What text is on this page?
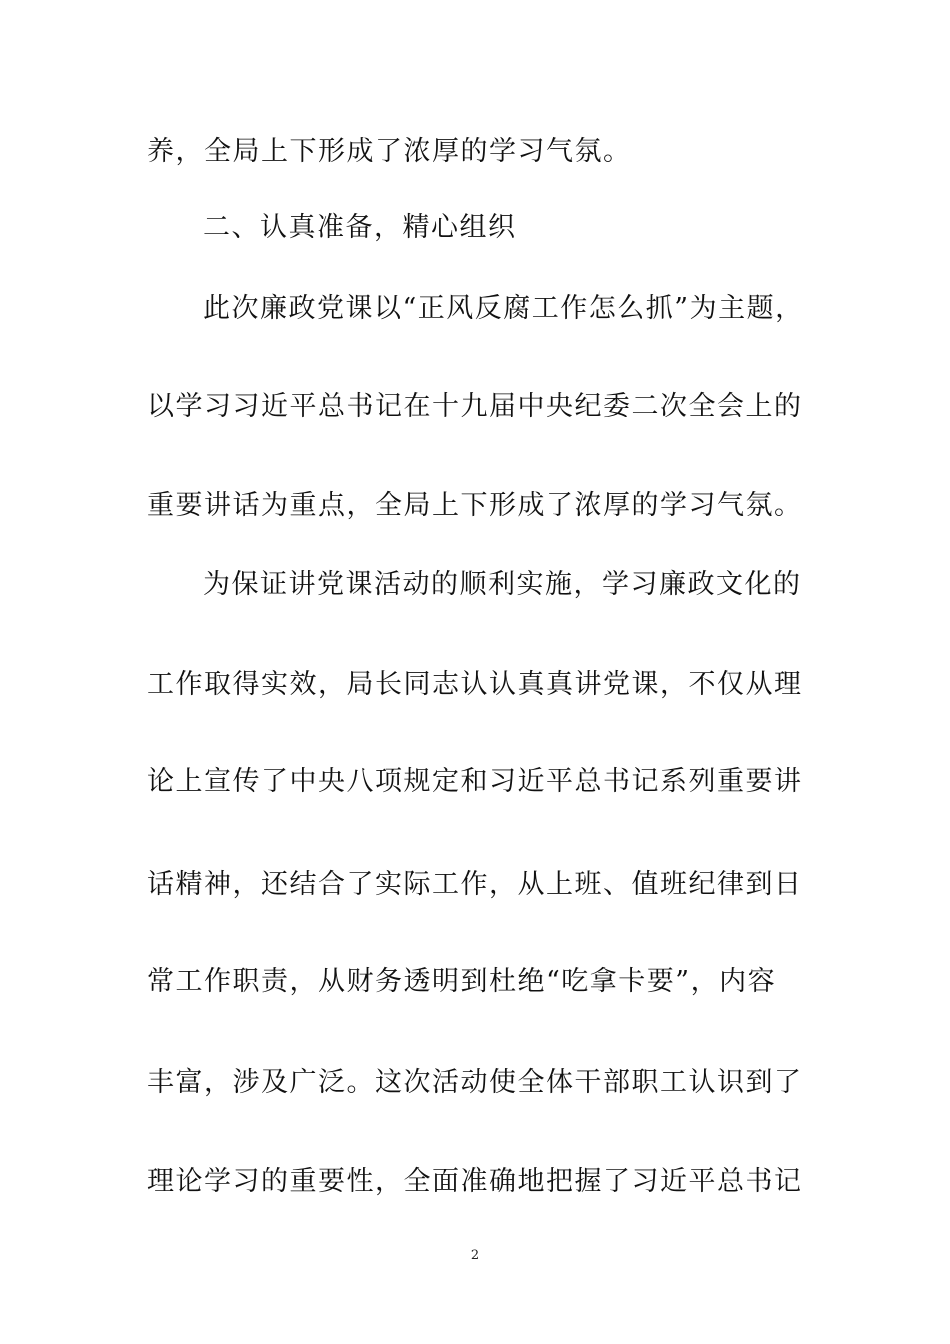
养，全局上下形成了浓厚的学习气氛。
二、认真准备，精心组织
此次廉政党课以“正风反腐工作怎么抓”为主题，
以学习习近平总书记在十九届中央纪委二次全会上的
重要讲话为重点，全局上下形成了浓厚的学习气氛。
为保证讲党课活动的顺利实施，学习廉政文化的
工作取得实效，局长同志认认真真讲党课，不仅从理
论上宣传了中央八项规定和习近平总书记系列重要讲
话精神，还结合了实际工作，从上班、值班纪律到日
常工作职责，从财务透明到杜绝“吃拿卡要”，内容
丰富，涉及广泛。这次活动使全体干部职工认识到了
理论学习的重要性，全面准确地把握了习近平总书记
2
